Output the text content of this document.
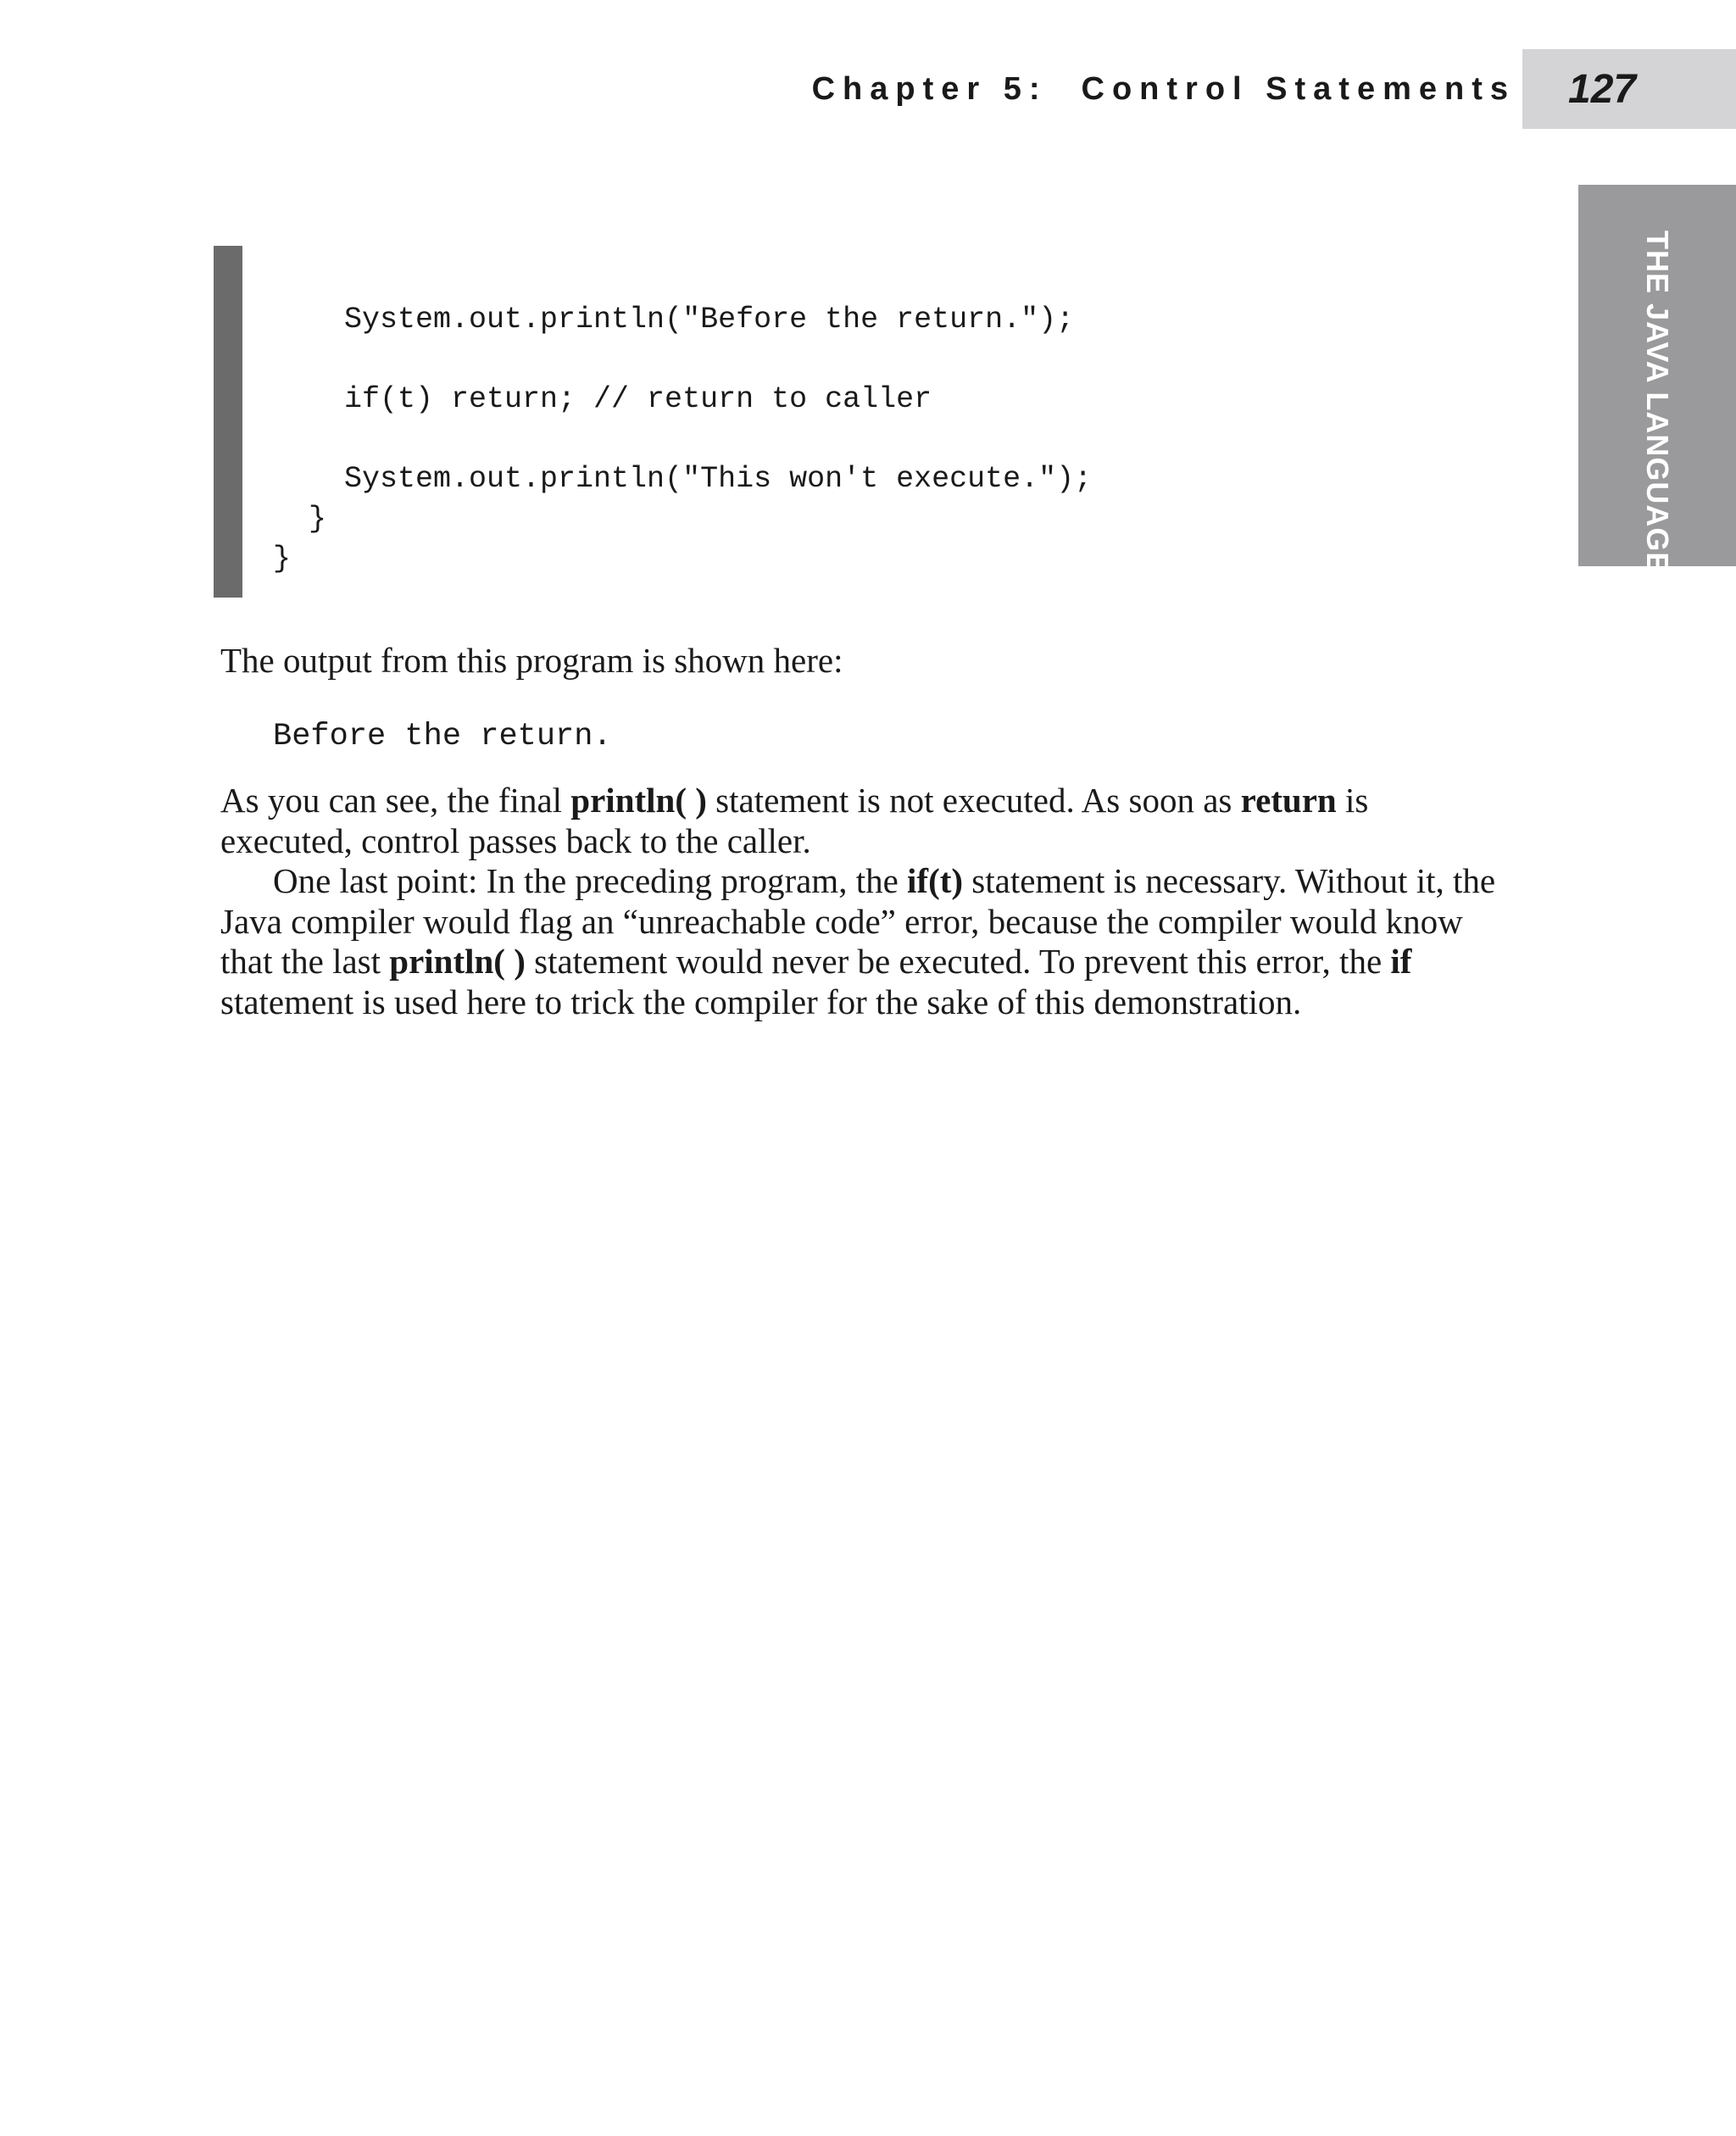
Chapter 5: Control Statements 127
THE JAVA LANGUAGE
System.out.println("Before the return.");
if(t) return; // return to caller
System.out.println("This won't execute.");
}
}

The output from this program is shown here:

Before the return.

As you can see, the final println( ) statement is not executed. As soon as return is executed, control passes back to the caller.

One last point: In the preceding program, the if(t) statement is necessary. Without it, the Java compiler would flag an “unreachable code” error, because the compiler would know that the last println( ) statement would never be executed. To prevent this error, the if statement is used here to trick the compiler for the sake of this demonstration.
